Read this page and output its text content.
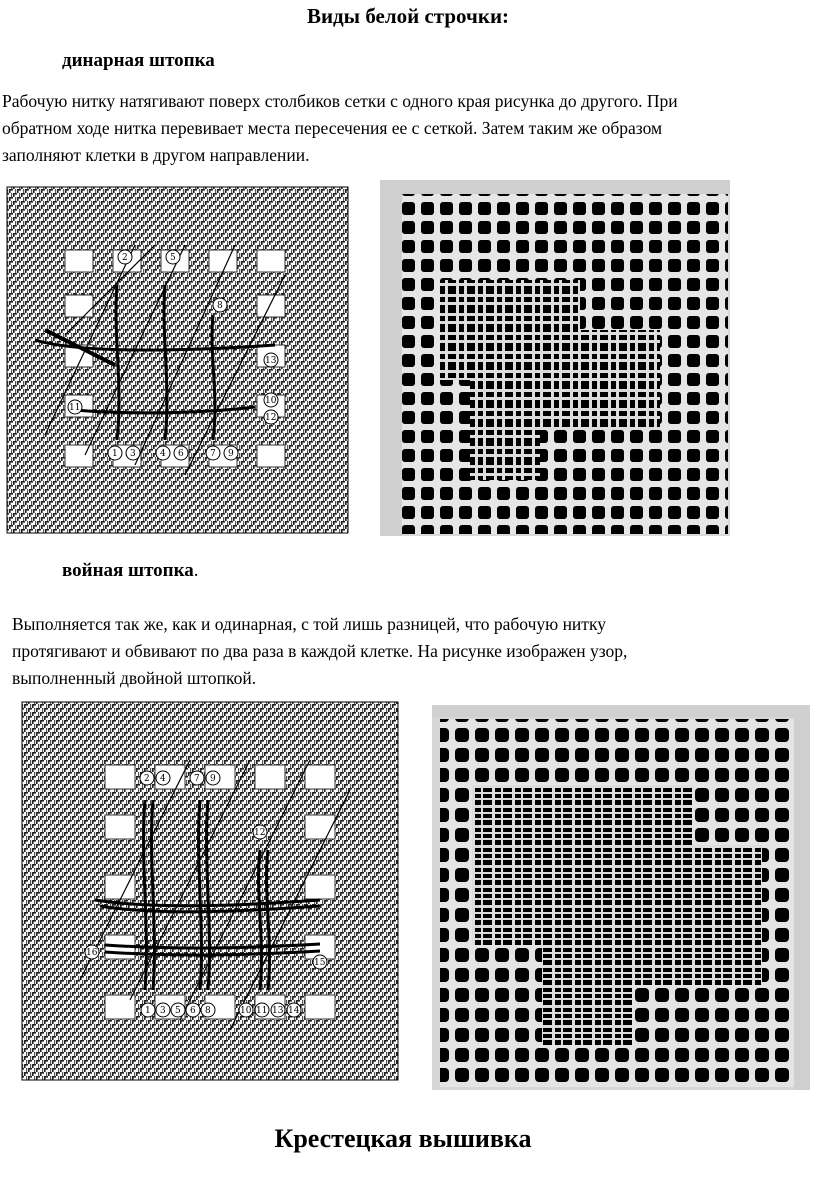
Виды белой строчки:
динарная штопка
Рабочую нитку натягивают поверх столбиков сетки с одного края рисунка до другого. При
обратном ходе нитка перевивает места пересечения ее с сеткой. Затем таким же образом
заполняют клетки в другом направлении.
2	5
8
13
11
10
12
1 3	4 6	7 9
войная штопка.
Выполняется так же, как и одинарная, с той лишь разницей, что рабочую нитку
протягивают и обвивают по два раза в каждой клетке. На рисунке изображен узор,
выполненный двойной штопкой.
2 4	7 9
12
16
15
1 3 5 6 8	10 11 13 14
Крестецкая вышивка
